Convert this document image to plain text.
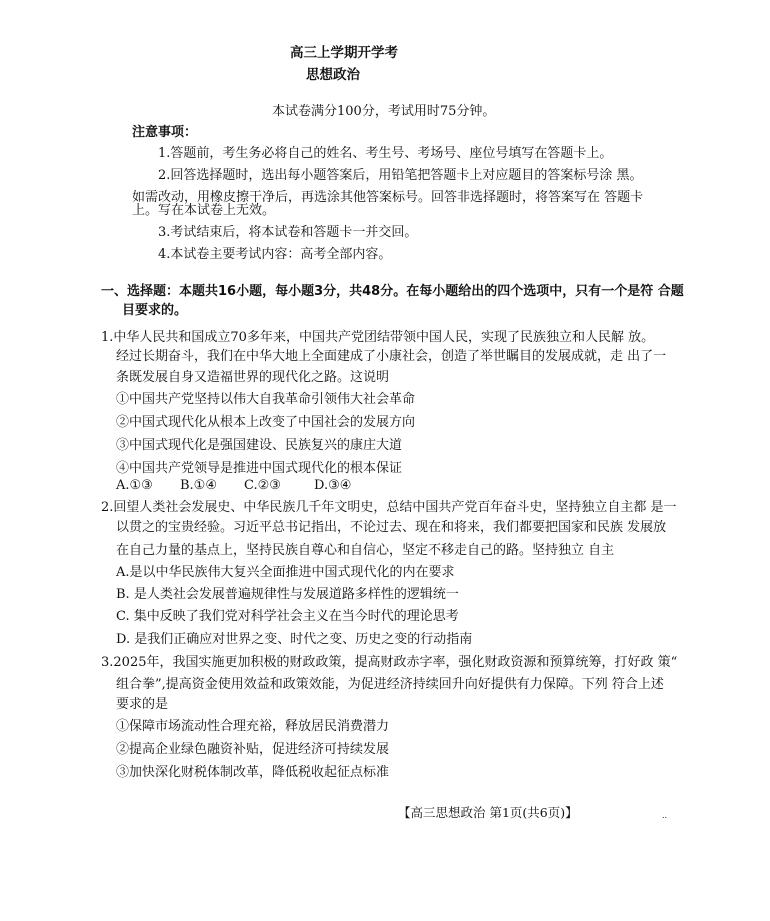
高三上学期开学考
思想政治
本试卷满分100分，考试用时75分钟。
注意事项：
1.答题前，考生务必将自己的姓名、考生号、考场号、座位号填写在答题卡上。
2.回答选择题时，选出每小题答案后，用铅笔把答题卡上对应题目的答案标号涂 黑。
如需改动，用橡皮擦干净后，再选涂其他答案标号。回答非选择题时，将答案写在 答题卡
上。写在本试卷上无效。
3.考试结束后，将本试卷和答题卡一并交回。
4.本试卷主要考试内容：高考全部内容。
一、选择题：本题共16小题，每小题3分，共48分。在每小题给出的四个选项中，只有一个是符 合题
目要求的。
1.中华人民共和国成立70多年来，中国共产党团结带领中国人民，实现了民族独立和人民解 放。
经过长期奋斗，我们在中华大地上全面建成了小康社会，创造了举世瞩目的发展成就，走 出了一
条既发展自身又造福世界的现代化之路。这说明
①中国共产党坚持以伟大自我革命引领伟大社会革命
②中国式现代化从根本上改变了中国社会的发展方向
③中国式现代化是强国建设、民族复兴的康庄大道
④中国共产党领导是推进中国式现代化的根本保证
A.①③ B.①④ C.②③	D.③④
2.回望人类社会发展史、中华民族几千年文明史，总结中国共产党百年奋斗史，坚持独立自主都 是一
以贯之的宝贵经验。习近平总书记指出，不论过去、现在和将来，我们都要把国家和民族 发展放
在自己力量的基点上，坚持民族自尊心和自信心，坚定不移走自己的路。坚持独立 自主
A.是以中华民族伟大复兴全面推进中国式现代化的内在要求
B. 是人类社会发展普遍规律性与发展道路多样性的逻辑统一
C. 集中反映了我们党对科学社会主义在当今时代的理论思考
D. 是我们正确应对世界之变、时代之变、历史之变的行动指南
3.2025年，我国实施更加积极的财政政策，提高财政赤字率，强化财政资源和预算统筹，打好政 策“
组合拳”,提高资金使用效益和政策效能，为促进经济持续回升向好提供有力保障。下列 符合上述
要求的是
①保障市场流动性合理充裕，释放居民消费潜力
②提高企业绿色融资补贴，促进经济可持续发展
③加快深化财税体制改革，降低税收起征点标准
【高三思想政治 第1页(共6页)】	..
